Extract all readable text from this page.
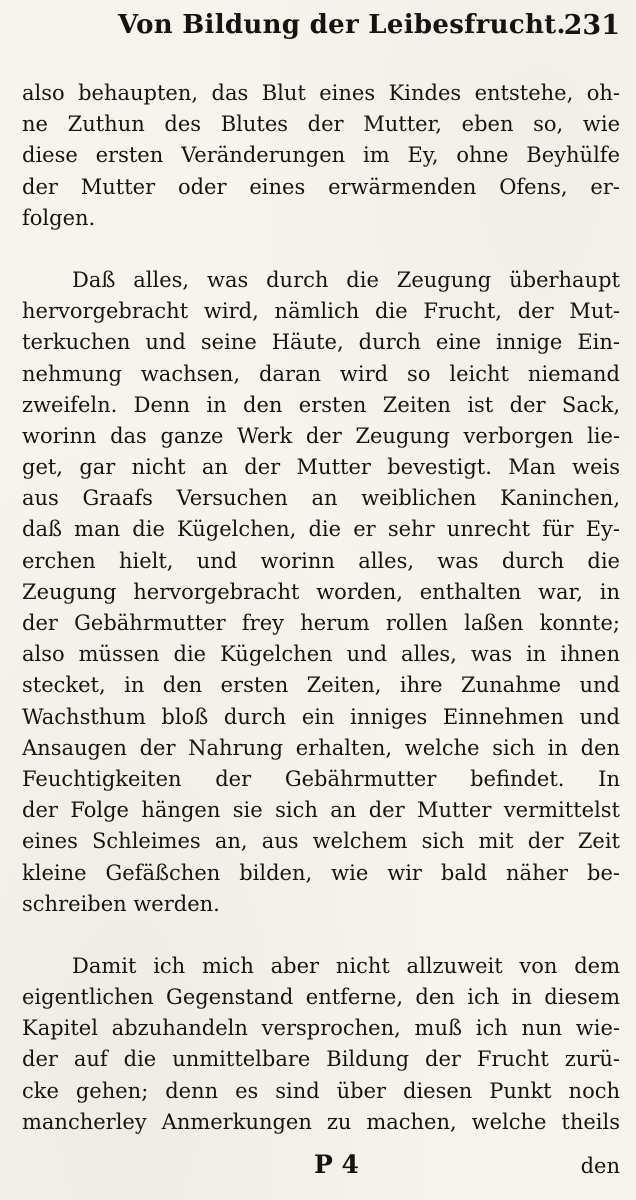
Von Bildung der Leibesfrucht.
231
also behaupten, das Blut eines Kindes entstehe, oh-
ne Zuthun des Blutes der Mutter, eben so, wie
diese ersten Veränderungen im Ey, ohne Beyhülfe
der Mutter oder eines erwärmenden Ofens, er-
folgen.
Daß alles, was durch die Zeugung überhaupt
hervorgebracht wird, nämlich die Frucht, der Mut-
terkuchen und seine Häute, durch eine innige Ein-
nehmung wachsen, daran wird so leicht niemand
zweifeln. Denn in den ersten Zeiten ist der Sack,
worinn das ganze Werk der Zeugung verborgen lie-
get, gar nicht an der Mutter bevestigt. Man weis
aus Graafs Versuchen an weiblichen Kaninchen,
daß man die Kügelchen, die er sehr unrecht für Ey-
erchen hielt, und worinn alles, was durch die
Zeugung hervorgebracht worden, enthalten war, in
der Gebährmutter frey herum rollen laßen konnte;
also müssen die Kügelchen und alles, was in ihnen
stecket, in den ersten Zeiten, ihre Zunahme und
Wachsthum bloß durch ein inniges Einnehmen und
Ansaugen der Nahrung erhalten, welche sich in den
Feuchtigkeiten der Gebährmutter befindet. In
der Folge hängen sie sich an der Mutter vermittelst
eines Schleimes an, aus welchem sich mit der Zeit
kleine Gefäßchen bilden, wie wir bald näher be-
schreiben werden.
Damit ich mich aber nicht allzuweit von dem
eigentlichen Gegenstand entferne, den ich in diesem
Kapitel abzuhandeln versprochen, muß ich nun wie-
der auf die unmittelbare Bildung der Frucht zurü-
cke gehen; denn es sind über diesen Punkt noch
mancherley Anmerkungen zu machen, welche theils
P 4	den
